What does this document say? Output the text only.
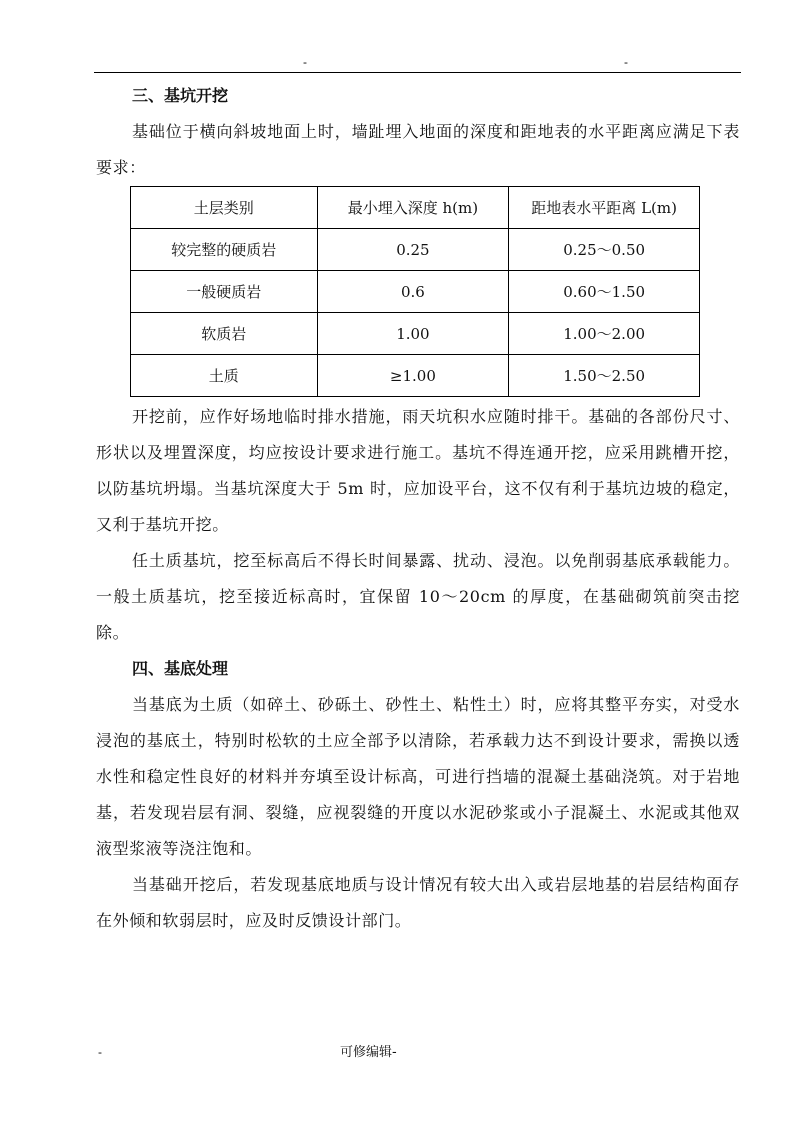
-	-

三、基坑开挖

基础位于横向斜坡地面上时，墙趾埋入地面的深度和距地表的水平距离应满足下表要求：

土层类别	最小埋入深度 h(m)	距地表水平距离 L(m)
较完整的硬质岩	0.25	0.25～0.50
一般硬质岩	0.6	0.60～1.50
软质岩	1.00	1.00～2.00
土质	≥1.00	1.50～2.50

开挖前，应作好场地临时排水措施，雨天坑积水应随时排干。基础的各部份尺寸、形状以及埋置深度，均应按设计要求进行施工。基坑不得连通开挖，应采用跳槽开挖，以防基坑坍塌。当基坑深度大于 5m 时，应加设平台，这不仅有利于基坑边坡的稳定，又利于基坑开挖。

任土质基坑，挖至标高后不得长时间暴露、扰动、浸泡。以免削弱基底承载能力。一般土质基坑，挖至接近标高时，宜保留 10～20cm 的厚度，在基础砌筑前突击挖除。

四、基底处理

当基底为土质（如碎土、砂砾土、砂性土、粘性土）时，应将其整平夯实，对受水浸泡的基底土，特别时松软的土应全部予以清除，若承载力达不到设计要求，需换以透水性和稳定性良好的材料并夯填至设计标高，可进行挡墙的混凝土基础浇筑。对于岩地基，若发现岩层有洞、裂缝，应视裂缝的开度以水泥砂浆或小子混凝土、水泥或其他双液型浆液等浇注饱和。

当基础开挖后，若发现基底地质与设计情况有较大出入或岩层地基的岩层结构面存在外倾和软弱层时，应及时反馈设计部门。

-	可修编辑-
